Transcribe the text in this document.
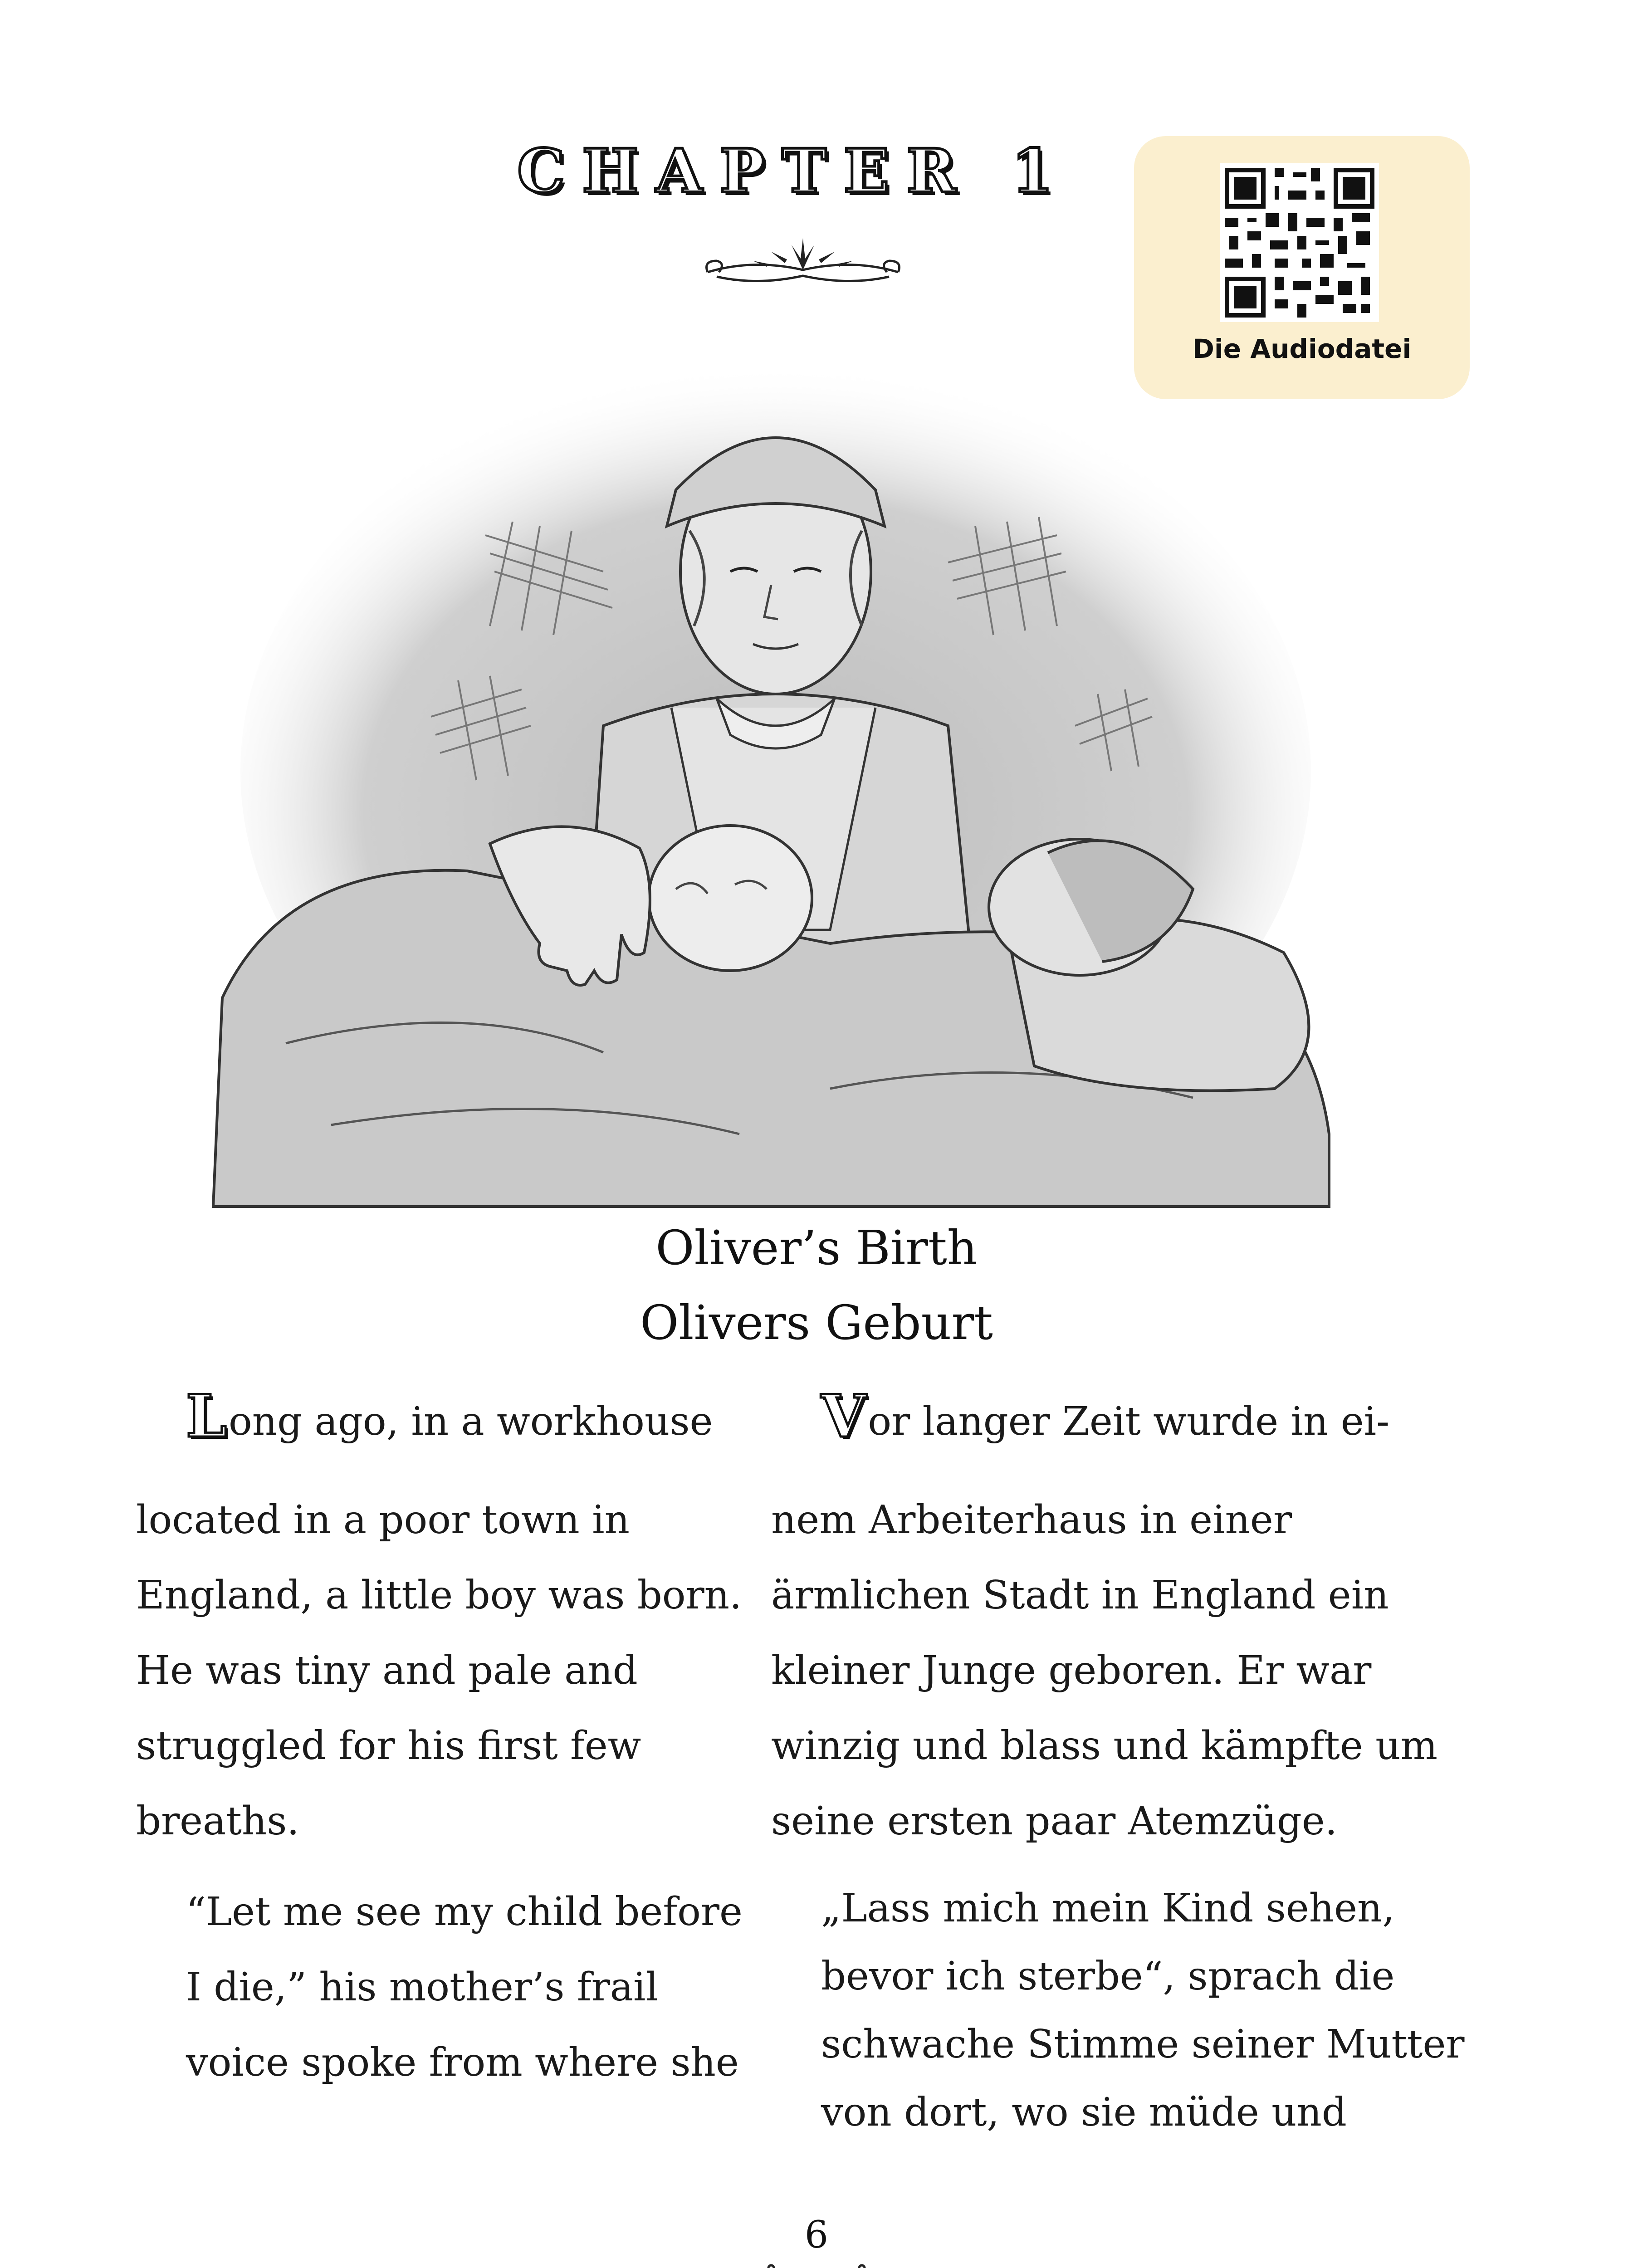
CHAPTER 1
Die Audiodatei
Oliver’s Birth
Olivers Geburt

Long ago, in a workhouse

located in a poor town in England, a little boy was born. He was tiny and pale and struggled for his first few breaths.

“Let me see my child before I die,” his mother’s frail voice spoke from where she

Vor langer Zeit wurde in ei-

nem Arbeiterhaus in einer ärmlichen Stadt in England ein kleiner Junge geboren. Er war winzig und blass und kämpfte um seine ersten paar Atemzüge.

„Lass mich mein Kind sehen, bevor ich sterbe“, sprach die schwache Stimme seiner Mutter von dort, wo sie müde und

6
